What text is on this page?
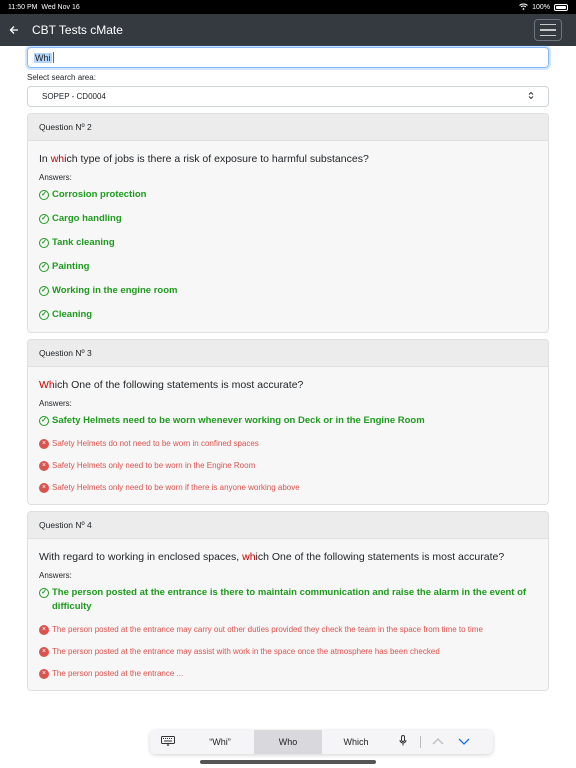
11:50 PM Wed Nov 16	100%
CBT Tests cMate
Whi
Select search area:
SOPEP - CD0004
Question Nº 2
In which type of jobs is there a risk of exposure to harmful substances?
Answers:
✓ Corrosion protection
✓ Cargo handling
✓ Tank cleaning
✓ Painting
✓ Working in the engine room
✓ Cleaning
Question Nº 3
Which One of the following statements is most accurate?
Answers:
✓ Safety Helmets need to be worn whenever working on Deck or in the Engine Room
× Safety Helmets do not need to be worn in confined spaces
× Safety Helmets only need to be worn in the Engine Room
× Safety Helmets only need to be worn if there is anyone working above
Question Nº 4
With regard to working in enclosed spaces, which One of the following statements is most accurate?
Answers:
✓ The person posted at the entrance is there to maintain communication and raise the alarm in the event of difficulty
× The person posted at the entrance may carry out other duties provided they check the team in the space from time to time
× The person posted at the entrance may assist with work in the space once the atmosphere has been checked
× The person posted at the entrance ...
“Whi”	Who	Which
